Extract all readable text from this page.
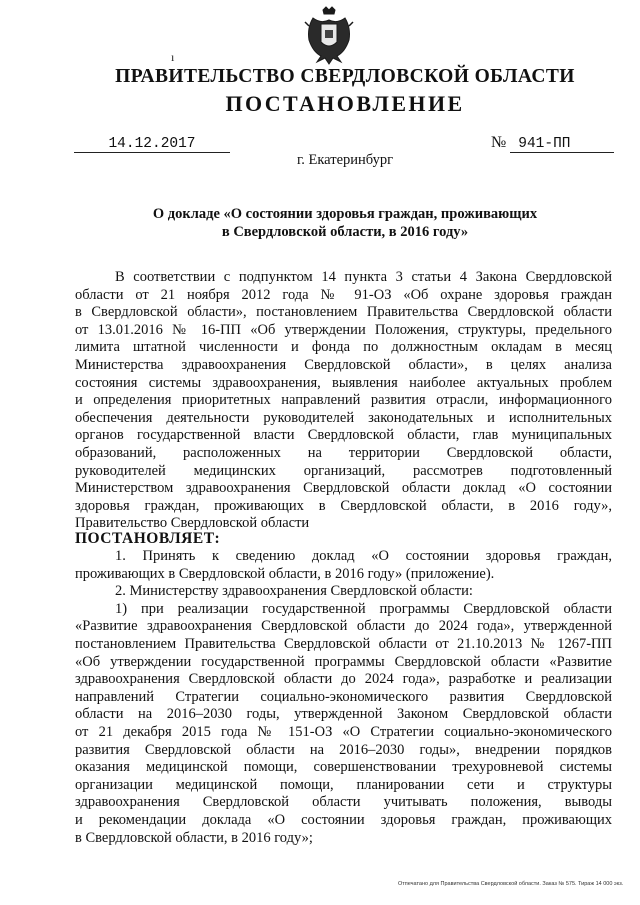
ı
ПРАВИТЕЛЬСТВО СВЕРДЛОВСКОЙ ОБЛАСТИ
ПОСТАНОВЛЕНИЕ
14.12.2017	№ 941-ПП
г. Екатеринбург
О докладе «О состоянии здоровья граждан, проживающих
в Свердловской области, в 2016 году»
В соответствии с подпунктом 14 пункта 3 статьи 4 Закона Свердловской
области от 21 ноября 2012 года № 91-ОЗ «Об охране здоровья граждан
в Свердловской области», постановлением Правительства Свердловской области
от 13.01.2016 № 16-ПП «Об утверждении Положения, структуры, предельного
лимита штатной численности и фонда по должностным окладам в месяц
Министерства здравоохранения Свердловской области», в целях анализа
состояния системы здравоохранения, выявления наиболее актуальных проблем
и определения приоритетных направлений развития отрасли, информационного
обеспечения деятельности руководителей законодательных и исполнительных
органов государственной власти Свердловской области, глав муниципальных
образований, расположенных на территории Свердловской области,
руководителей медицинских организаций, рассмотрев подготовленный
Министерством здравоохранения Свердловской области доклад «О состоянии
здоровья граждан, проживающих в Свердловской области, в 2016 году»,
Правительство Свердловской области
ПОСТАНОВЛЯЕТ:
1. Принять к сведению доклад «О состоянии здоровья граждан,
проживающих в Свердловской области, в 2016 году» (приложение).
2. Министерству здравоохранения Свердловской области:
1) при реализации государственной программы Свердловской области
«Развитие здравоохранения Свердловской области до 2024 года», утвержденной
постановлением Правительства Свердловской области от 21.10.2013 № 1267-ПП
«Об утверждении государственной программы Свердловской области «Развитие
здравоохранения Свердловской области до 2024 года», разработке и реализации
направлений Стратегии социально-экономического развития Свердловской
области на 2016–2030 годы, утвержденной Законом Свердловской области
от 21 декабря 2015 года № 151-ОЗ «О Стратегии социально-экономического
развития Свердловской области на 2016–2030 годы», внедрении порядков
оказания медицинской помощи, совершенствовании трехуровневой системы
организации медицинской помощи, планировании сети и структуры
здравоохранения Свердловской области учитывать положения, выводы
и рекомендации доклада «О состоянии здоровья граждан, проживающих
в Свердловской области, в 2016 году»;
Отпечатано для Правительства Свердловской области. Заказ № 575. Тираж 14 000 экз.
